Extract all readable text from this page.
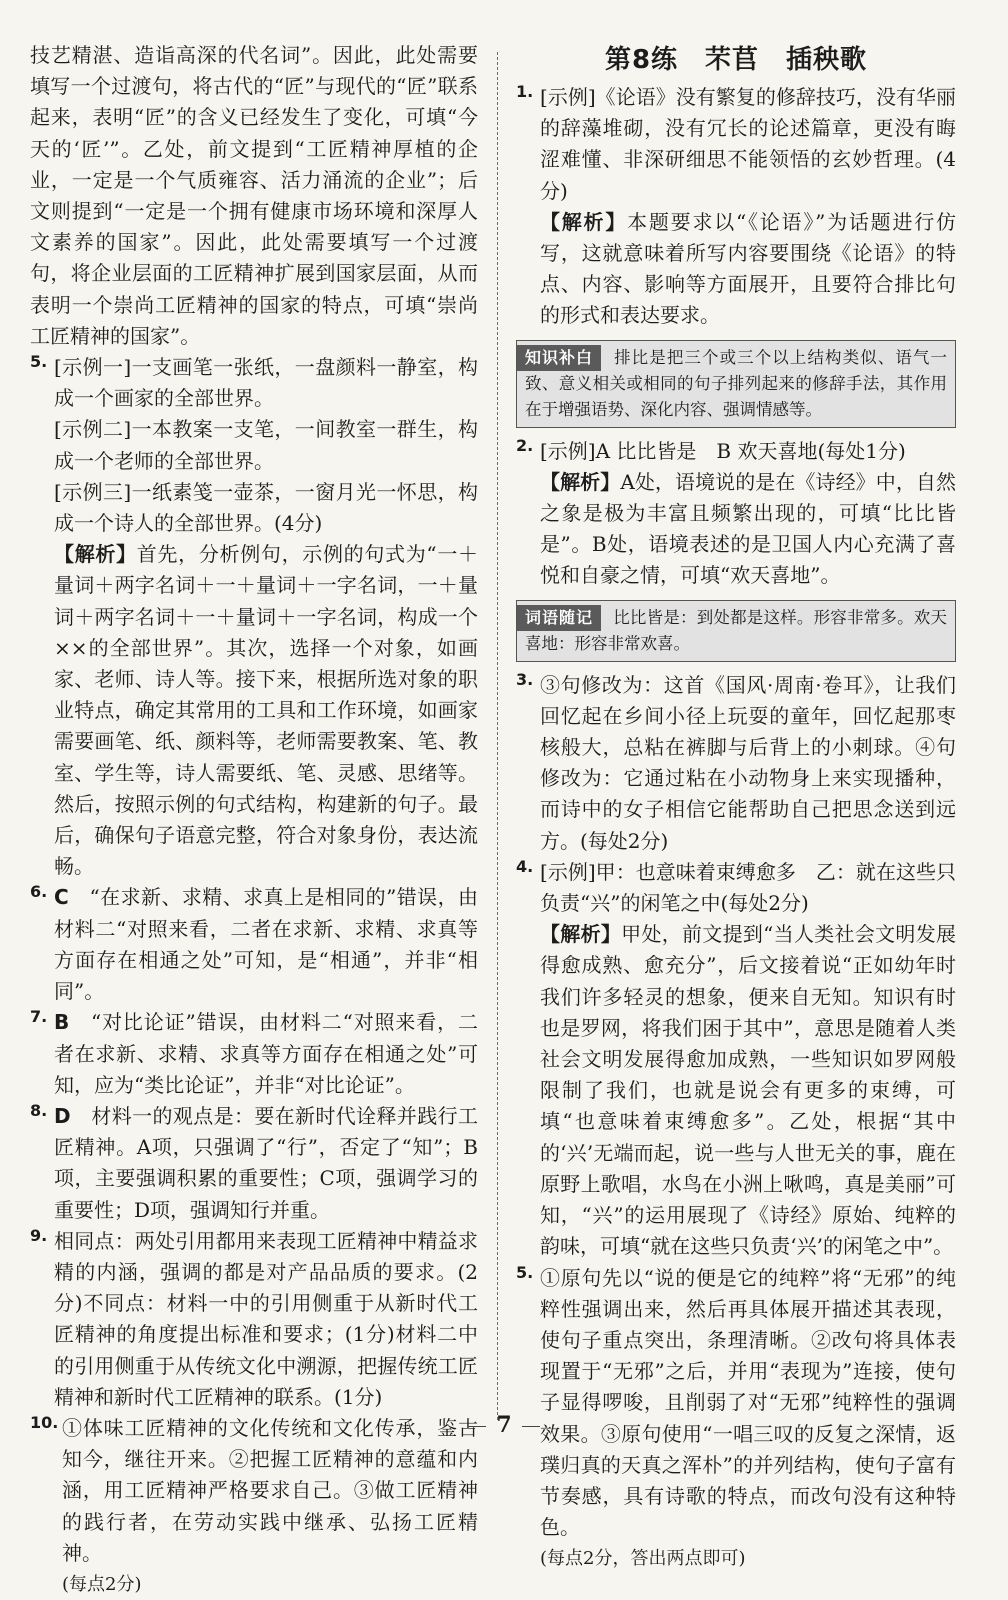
技艺精湛、造诣高深的代名词”。因此，此处需要填写一个过渡句，将古代的“匠”与现代的“匠”联系起来，表明“匠”的含义已经发生了变化，可填“今天的‘匠’”。乙处，前文提到“工匠精神厚植的企业，一定是一个气质雍容、活力涌流的企业”；后文则提到“一定是一个拥有健康市场环境和深厚人文素养的国家”。因此，此处需要填写一个过渡句，将企业层面的工匠精神扩展到国家层面，从而表明一个崇尚工匠精神的国家的特点，可填“崇尚工匠精神的国家”。

5. [示例一]一支画笔一张纸，一盘颜料一静室，构成一个画家的全部世界。

[示例二]一本教案一支笔，一间教室一群生，构成一个老师的全部世界。

[示例三]一纸素笺一壶茶，一窗月光一怀思，构成一个诗人的全部世界。(4分)

【解析】首先，分析例句，示例的句式为“一＋量词＋两字名词＋一＋量词＋一字名词，一＋量词＋两字名词＋一＋量词＋一字名词，构成一个××的全部世界”。其次，选择一个对象，如画家、老师、诗人等。接下来，根据所选对象的职业特点，确定其常用的工具和工作环境，如画家需要画笔、纸、颜料等，老师需要教案、笔、教室、学生等，诗人需要纸、笔、灵感、思绪等。然后，按照示例的句式结构，构建新的句子。最后，确保句子语意完整，符合对象身份，表达流畅。

6. C　 “在求新、求精、求真上是相同的”错误，由材料二“对照来看，二者在求新、求精、求真等方面存在相通之处”可知，是“相通”，并非“相同”。

7. B　 “对比论证”错误，由材料二“对照来看，二者在求新、求精、求真等方面存在相通之处”可知，应为“类比论证”，并非“对比论证”。

8. D　 材料一的观点是：要在新时代诠释并践行工匠精神。A项，只强调了“行”，否定了“知”；B项，主要强调积累的重要性；C项，强调学习的重要性；D项，强调知行并重。

9. 相同点：两处引用都用来表现工匠精神中精益求精的内涵，强调的都是对产品品质的要求。(2分)不同点：材料一中的引用侧重于从新时代工匠精神的角度提出标准和要求；(1分)材料二中的引用侧重于从传统文化中溯源，把握传统工匠精神和新时代工匠精神的联系。(1分)

10. ①体味工匠精神的文化传统和文化传承，鉴古知今，继往开来。②把握工匠精神的意蕴和内涵，用工匠精神严格要求自己。③做工匠精神的践行者，在劳动实践中继承、弘扬工匠精神。

(每点2分)

第8练　芣苢　插秧歌
1. [示例]《论语》没有繁复的修辞技巧，没有华丽的辞藻堆砌，没有冗长的论述篇章，更没有晦涩难懂、非深研细思不能领悟的玄妙哲理。(4分)

【解析】本题要求以“《论语》”为话题进行仿写，这就意味着所写内容要围绕《论语》的特点、内容、影响等方面展开，且要符合排比句的形式和表达要求。

知识补白 排比是把三个或三个以上结构类似、语气一致、意义相关或相同的句子排列起来的修辞手法，其作用在于增强语势、深化内容、强调情感等。
2. [示例]A 比比皆是　B 欢天喜地(每处1分)

【解析】A处，语境说的是在《诗经》中，自然之象是极为丰富且频繁出现的，可填“比比皆是”。B处，语境表述的是卫国人内心充满了喜悦和自豪之情，可填“欢天喜地”。

词语随记 比比皆是：到处都是这样。形容非常多。欢天喜地：形容非常欢喜。
3. ③句修改为：这首《国风·周南·卷耳》，让我们回忆起在乡间小径上玩耍的童年，回忆起那枣核般大，总粘在裤脚与后背上的小刺球。④句修改为：它通过粘在小动物身上来实现播种，而诗中的女子相信它能帮助自己把思念送到远方。(每处2分)

4. [示例]甲：也意味着束缚愈多　乙：就在这些只负责“兴”的闲笔之中(每处2分)

【解析】甲处，前文提到“当人类社会文明发展得愈成熟、愈充分”，后文接着说“正如幼年时我们许多轻灵的想象，便来自无知。知识有时也是罗网，将我们困于其中”，意思是随着人类社会文明发展得愈加成熟，一些知识如罗网般限制了我们，也就是说会有更多的束缚，可填“也意味着束缚愈多”。乙处，根据“其中的‘兴’无端而起，说一些与人世无关的事，鹿在原野上歌唱，水鸟在小洲上啾鸣，真是美丽”可知，“兴”的运用展现了《诗经》原始、纯粹的韵味，可填“就在这些只负责‘兴’的闲笔之中”。

5. ①原句先以“说的便是它的纯粹”将“无邪”的纯粹性强调出来，然后再具体展开描述其表现，使句子重点突出，条理清晰。②改句将具体表现置于“无邪”之后，并用“表现为”连接，使句子显得啰唆，且削弱了对“无邪”纯粹性的强调效果。③原句使用“一唱三叹的反复之深情，返璞归真的天真之浑朴”的并列结构，使句子富有节奏感，具有诗歌的特点，而改句没有这种特色。

(每点2分，答出两点即可)

7
